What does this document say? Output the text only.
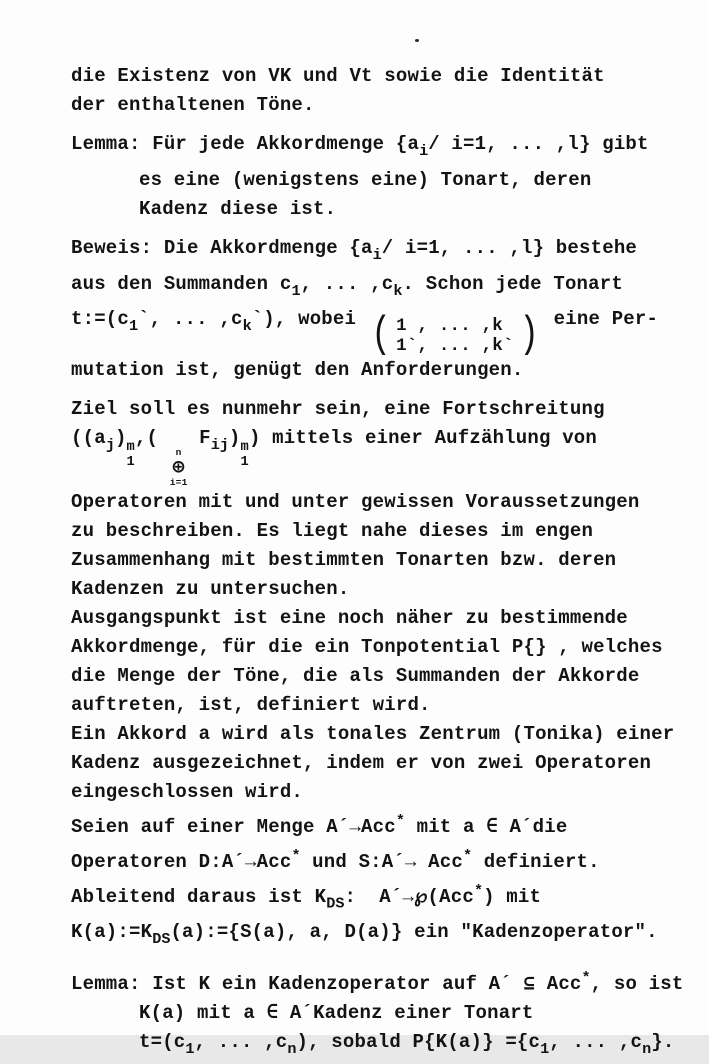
die Existenz von VK und Vt sowie die Identität
der enthaltenen Töne.
Lemma: Für jede Akkordmenge {$a_i/$ i=1, ... ,l} gibt
es eine (wenigstens eine) Tonart, deren
Kadenz diese ist.
Beweis: Die Akkordmenge {$a_i/$ i=1, ... ,l} bestehe
aus den Summanden $c_1$, ... $,c_k$. Schon jede Tonart
$t:=(c_1`$, ... $,c_k`$), wobei ( 1 , ... ,k
1`, ... ,k` ) eine Per-
mutation ist, genügt den Anforderungen.
Ziel soll es nunmehr sein, eine Fortschreitung
($(a_j)$ m
1
,(
n
⊕
i=1
$F_{ij}$) m
1
) mittels einer Aufzählung von
Operatoren mit und unter gewissen Voraussetzungen
zu beschreiben. Es liegt nahe dieses im engen
Zusammenhang mit bestimmten Tonarten bzw. deren
Kadenzen zu untersuchen.
Ausgangspunkt ist eine noch näher zu bestimmende
Akkordmenge, für die ein Tonpotential P{} , welches
die Menge der Töne, die als Summanden der Akkorde
auftreten, ist, definiert wird.
Ein Akkord a wird als tonales Zentrum (Tonika) einer
Kadenz ausgezeichnet, indem er von zwei Operatoren
eingeschlossen wird.
Seien auf einer Menge A´→Acc* mit a ∈ A´die
Operatoren D:A´→Acc* und S:A´→ Acc* definiert.
Ableitend daraus ist $K_{DS}$:  A´→℘(Acc*) mit
$K(a):=K_{DS}(a):=\{S(a)$, a, D(a)} ein "Kadenzoperator".
Lemma: Ist K ein Kadenzoperator auf A´ ⊆ Acc*, so ist
K(a) mit a ∈ A´Kadenz einer Tonart
$t=(c_1$, ... $,c_n$), sobald $P\{K(a)\} =\{c_1$, ... $,c_n$}.
